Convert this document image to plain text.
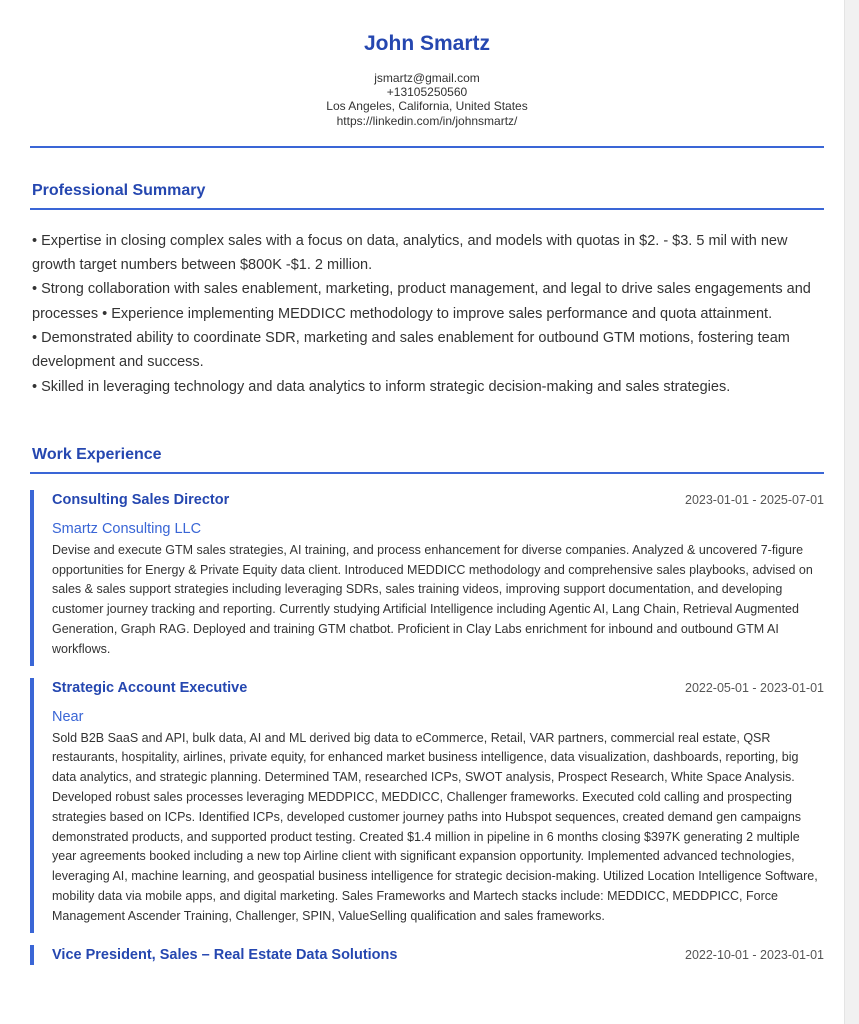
John Smartz
jsmartz@gmail.com
+13105250560
Los Angeles, California, United States
https://linkedin.com/in/johnsmartz/
Professional Summary

• Expertise in closing complex sales with a focus on data, analytics, and models with quotas in $2. - $3. 5 mil with new growth target numbers between $800K -$1. 2 million.

• Strong collaboration with sales enablement, marketing, product management, and legal to drive sales engagements and processes • Experience implementing MEDDICC methodology to improve sales performance and quota attainment.

• Demonstrated ability to coordinate SDR, marketing and sales enablement for outbound GTM motions, fostering team development and success.

• Skilled in leveraging technology and data analytics to inform strategic decision-making and sales strategies.

Work Experience
Consulting Sales Director	2023-01-01 - 2025-07-01
Smartz Consulting LLC

Devise and execute GTM sales strategies, AI training, and process enhancement for diverse companies. Analyzed & uncovered 7-figure opportunities for Energy & Private Equity data client. Introduced MEDDICC methodology and comprehensive sales playbooks, advised on sales & sales support strategies including leveraging SDRs, sales training videos, improving support documentation, and developing customer journey tracking and reporting. Currently studying Artificial Intelligence including Agentic AI, Lang Chain, Retrieval Augmented Generation, Graph RAG. Deployed and training GTM chatbot. Proficient in Clay Labs enrichment for inbound and outbound GTM AI workflows.

Strategic Account Executive	2022-05-01 - 2023-01-01
Near

Sold B2B SaaS and API, bulk data, AI and ML derived big data to eCommerce, Retail, VAR partners, commercial real estate, QSR restaurants, hospitality, airlines, private equity, for enhanced market business intelligence, data visualization, dashboards, reporting, big data analytics, and strategic planning. Determined TAM, researched ICPs, SWOT analysis, Prospect Research, White Space Analysis. Developed robust sales processes leveraging MEDDPICC, MEDDICC, Challenger frameworks. Executed cold calling and prospecting strategies based on ICPs. Identified ICPs, developed customer journey paths into Hubspot sequences, created demand gen campaigns demonstrated products, and supported product testing. Created $1.4 million in pipeline in 6 months closing $397K generating 2 multiple year agreements booked including a new top Airline client with significant expansion opportunity. Implemented advanced technologies, leveraging AI, machine learning, and geospatial business intelligence for strategic decision-making. Utilized Location Intelligence Software, mobility data via mobile apps, and digital marketing. Sales Frameworks and Martech stacks include: MEDDICC, MEDDPICC, Force Management Ascender Training, Challenger, SPIN, ValueSelling qualification and sales frameworks.

Vice President, Sales – Real Estate Data Solutions	2022-10-01 - 2023-01-01
